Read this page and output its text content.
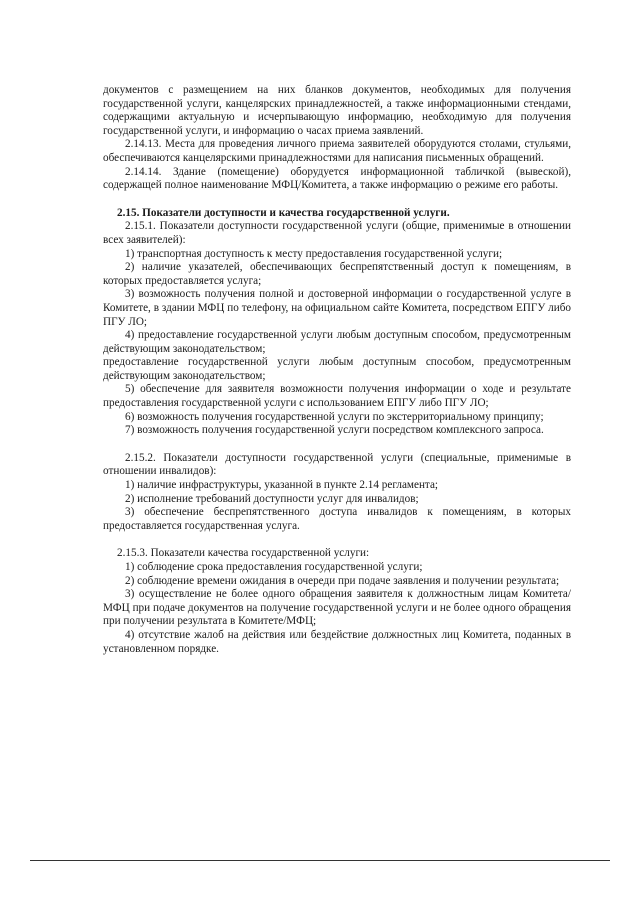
документов с размещением на них бланков документов, необходимых для получения государственной услуги, канцелярских принадлежностей, а также информационными стендами, содержащими актуальную и исчерпывающую информацию, необходимую для получения государственной услуги, и информацию о часах приема заявлений.

2.14.13. Места для проведения личного приема заявителей оборудуются столами, стульями, обеспечиваются канцелярскими принадлежностями для написания письменных обращений.

2.14.14. Здание (помещение) оборудуется информационной табличкой (вывеской), содержащей полное наименование МФЦ/Комитета, а также информацию о режиме его работы.

2.15. Показатели доступности и качества государственной услуги.

2.15.1. Показатели доступности государственной услуги (общие, применимые в отношении всех заявителей):

1) транспортная доступность к месту предоставления государственной услуги;

2) наличие указателей, обеспечивающих беспрепятственный доступ к помещениям, в которых предоставляется услуга;

3) возможность получения полной и достоверной информации о государственной услуге в Комитете, в здании МФЦ по телефону, на официальном сайте Комитета, посредством ЕПГУ либо ПГУ ЛО;

4) предоставление государственной услуги любым доступным способом, предусмотренным действующим законодательством;

предоставление государственной услуги любым доступным способом, предусмотренным действующим законодательством;

5) обеспечение для заявителя возможности получения информации о ходе и результате предоставления государственной услуги с использованием ЕПГУ либо ПГУ ЛО;

6) возможность получения государственной услуги по экстерриториальному принципу;

7) возможность получения государственной услуги посредством комплексного запроса.

2.15.2. Показатели доступности государственной услуги (специальные, применимые в отношении инвалидов):

1) наличие инфраструктуры, указанной в пункте 2.14 регламента;

2) исполнение требований доступности услуг для инвалидов;

3) обеспечение беспрепятственного доступа инвалидов к помещениям, в которых предоставляется государственная услуга.

2.15.3. Показатели качества государственной услуги:

1) соблюдение срока предоставления государственной услуги;

2) соблюдение времени ожидания в очереди при подаче заявления и получении результата;

3) осуществление не более одного обращения заявителя к должностным лицам Комитета/МФЦ при подаче документов на получение государственной услуги и не более одного обращения при получении результата в Комитете/МФЦ;

4) отсутствие жалоб на действия или бездействие должностных лиц Комитета, поданных в установленном порядке.
